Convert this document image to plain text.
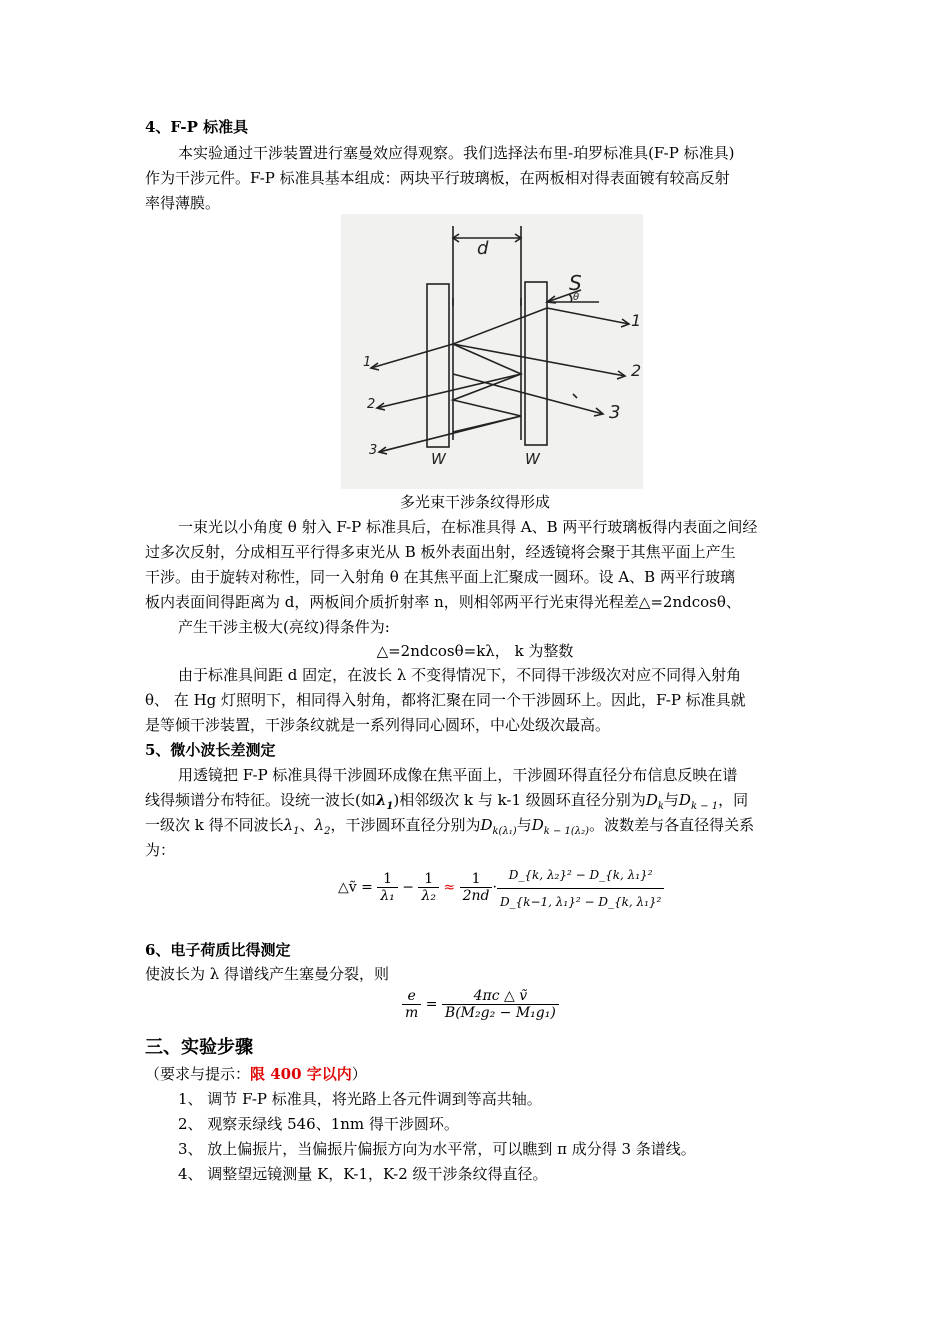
4、F-P 标准具
本实验通过干涉装置进行塞曼效应得观察。我们选择法布里-珀罗标准具(F-P 标准具)
作为干涉元件。F-P 标准具基本组成：两块平行玻璃板，在两板相对得表面镀有较高反射
率得薄膜。
d
S
θ
W	W
1
2
3
1
2
3
多光束干涉条纹得形成
一束光以小角度 θ 射入 F-P 标准具后，在标准具得 A、B 两平行玻璃板得内表面之间经
过多次反射，分成相互平行得多束光从 B 板外表面出射，经透镜将会聚于其焦平面上产生
干涉。由于旋转对称性，同一入射角 θ 在其焦平面上汇聚成一圆环。设 A、B 两平行玻璃
板内表面间得距离为 d，两板间介质折射率 n，则相邻两平行光束得光程差△=2ndcosθ、
产生干涉主极大(亮纹)得条件为:
△=2ndcosθ=kλ， k 为整数
由于标准具间距 d 固定，在波长 λ 不变得情况下，不同得干涉级次对应不同得入射角
θ、 在 Hg 灯照明下，相同得入射角，都将汇聚在同一个干涉圆环上。因此，F-P 标准具就
是等倾干涉装置，干涉条纹就是一系列得同心圆环，中心处级次最高。
5、微小波长差测定
用透镜把 F-P 标准具得干涉圆环成像在焦平面上，干涉圆环得直径分布信息反映在谱
线得频谱分布特征。设统一波长(如$\lambda_1$)相邻级次 k 与 k-1 级圆环直径分别为$D_k$与$D_{k - 1}$，同
一级次 k 得不同波长$\lambda_1$、$\lambda_2$，干涉圆环直径分别为$D_{k(\lambda_1)}$与$D_{k - 1(\lambda_2)}$。波数差与各直径得关系
为：
△ṽ = $\frac{1}{\text{λ₁}} - \frac{1}{\text{λ₂}} \approx \frac{1}{2nd} \cdot \frac{\text{D\_\{k, λ₂\}² − D\_\{k, λ₁\}²}}{\text{D\_\{k−1, λ₁\}² − D\_\{k, λ₁\}²}}$
6、电子荷质比得测定
使波长为 λ 得谱线产生塞曼分裂，则
$\frac{e}{m} = \frac{\text{4πc △ ṽ}}{\text{B(M₂g₂ − M₁g₁)}}$
三、实验步骤
（要求与提示：限 400 字以内）
1、 调节 F-P 标准具，将光路上各元件调到等高共轴。
2、 观察汞绿线 546、1nm 得干涉圆环。
3、 放上偏振片，当偏振片偏振方向为水平常，可以瞧到 π 成分得 3 条谱线。
4、 调整望远镜测量 K，K-1，K-2 级干涉条纹得直径。
